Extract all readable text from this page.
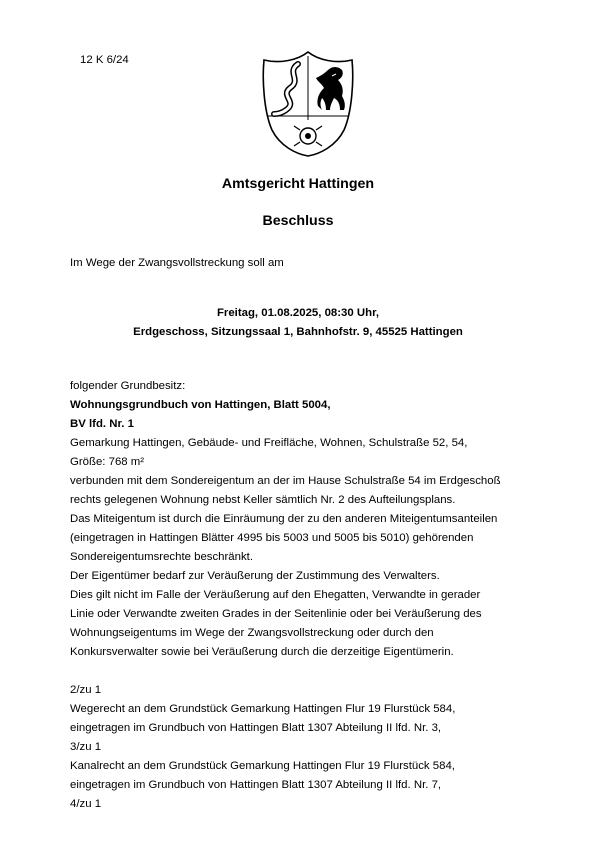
12 K 6/24
Amtsgericht Hattingen
Beschluss
Im Wege der Zwangsvollstreckung soll am
Freitag, 01.08.2025, 08:30 Uhr,
Erdgeschoss, Sitzungssaal 1, Bahnhofstr. 9, 45525 Hattingen
folgender Grundbesitz:
Wohnungsgrundbuch von Hattingen, Blatt 5004,
BV lfd. Nr. 1
Gemarkung Hattingen, Gebäude- und Freifläche, Wohnen, Schulstraße 52, 54,
Größe: 768 m²
verbunden mit dem Sondereigentum an der im Hause Schulstraße 54 im Erdgeschoß
rechts gelegenen Wohnung nebst Keller sämtlich Nr. 2 des Aufteilungsplans.
Das Miteigentum ist durch die Einräumung der zu den anderen Miteigentumsanteilen
(eingetragen in Hattingen Blätter 4995 bis 5003 und 5005 bis 5010) gehörenden
Sondereigentumsrechte beschränkt.
Der Eigentümer bedarf zur Veräußerung der Zustimmung des Verwalters.
Dies gilt nicht im Falle der Veräußerung auf den Ehegatten, Verwandte in gerader
Linie oder Verwandte zweiten Grades in der Seitenlinie oder bei Veräußerung des
Wohnungseigentums im Wege der Zwangsvollstreckung oder durch den
Konkursverwalter sowie bei Veräußerung durch die derzeitige Eigentümerin.
2/zu 1
Wegerecht an dem Grundstück Gemarkung Hattingen Flur 19 Flurstück 584,
eingetragen im Grundbuch von Hattingen Blatt 1307 Abteilung II lfd. Nr. 3,
3/zu 1
Kanalrecht an dem Grundstück Gemarkung Hattingen Flur 19 Flurstück 584,
eingetragen im Grundbuch von Hattingen Blatt 1307 Abteilung II lfd. Nr. 7,
4/zu 1
